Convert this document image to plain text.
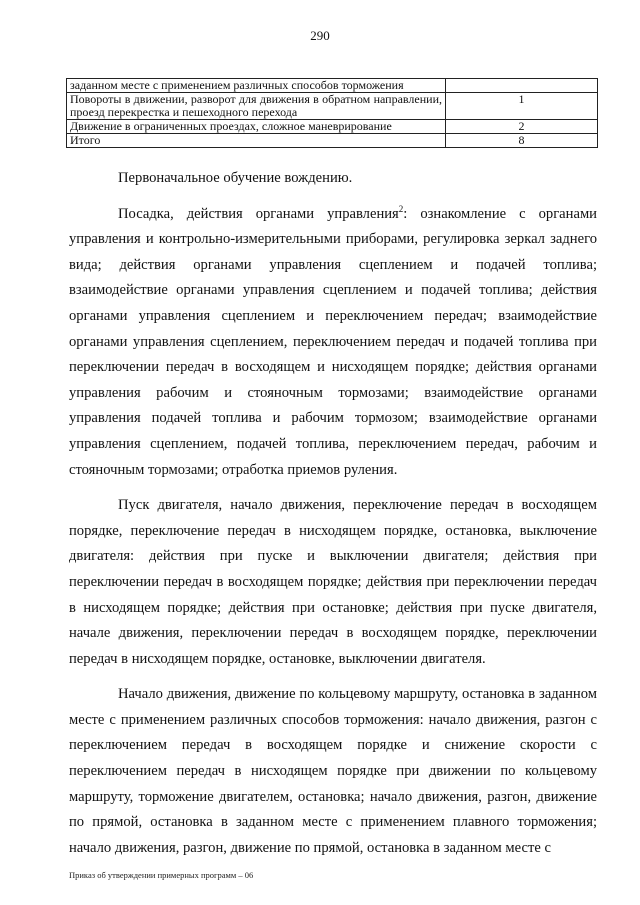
290
заданном месте с применением различных способов торможения	
Повороты в движении, разворот для движения в обратном направлении, проезд перекрестка и пешеходного перехода	1
Движение в ограниченных проездах, сложное маневрирование	2
Итого	8

Первоначальное обучение вождению.

Посадка, действия органами управления$^2$: ознакомление с органами управления и контрольно-измерительными приборами, регулировка зеркал заднего вида; действия органами управления сцеплением и подачей топлива; взаимодействие органами управления сцеплением и подачей топлива; действия органами управления сцеплением и переключением передач; взаимодействие органами управления сцеплением, переключением передач и подачей топлива при переключении передач в восходящем и нисходящем порядке; действия органами управления рабочим и стояночным тормозами; взаимодействие органами управления подачей топлива и рабочим тормозом; взаимодействие органами управления сцеплением, подачей топлива, переключением передач, рабочим и стояночным тормозами; отработка приемов руления.

Пуск двигателя, начало движения, переключение передач в восходящем порядке, переключение передач в нисходящем порядке, остановка, выключение двигателя: действия при пуске и выключении двигателя; действия при переключении передач в восходящем порядке; действия при переключении передач в нисходящем порядке; действия при остановке; действия при пуске двигателя, начале движения, переключении передач в восходящем порядке, переключении передач в нисходящем порядке, остановке, выключении двигателя.

Начало движения, движение по кольцевому маршруту, остановка в заданном месте с применением различных способов торможения: начало движения, разгон с переключением передач в восходящем порядке и снижение скорости с переключением передач в нисходящем порядке при движении по кольцевому маршруту, торможение двигателем, остановка; начало движения, разгон, движение по прямой, остановка в заданном месте с применением плавного торможения; начало движения, разгон, движение по прямой, остановка в заданном месте с

Приказ об утверждении примерных программ – 06
